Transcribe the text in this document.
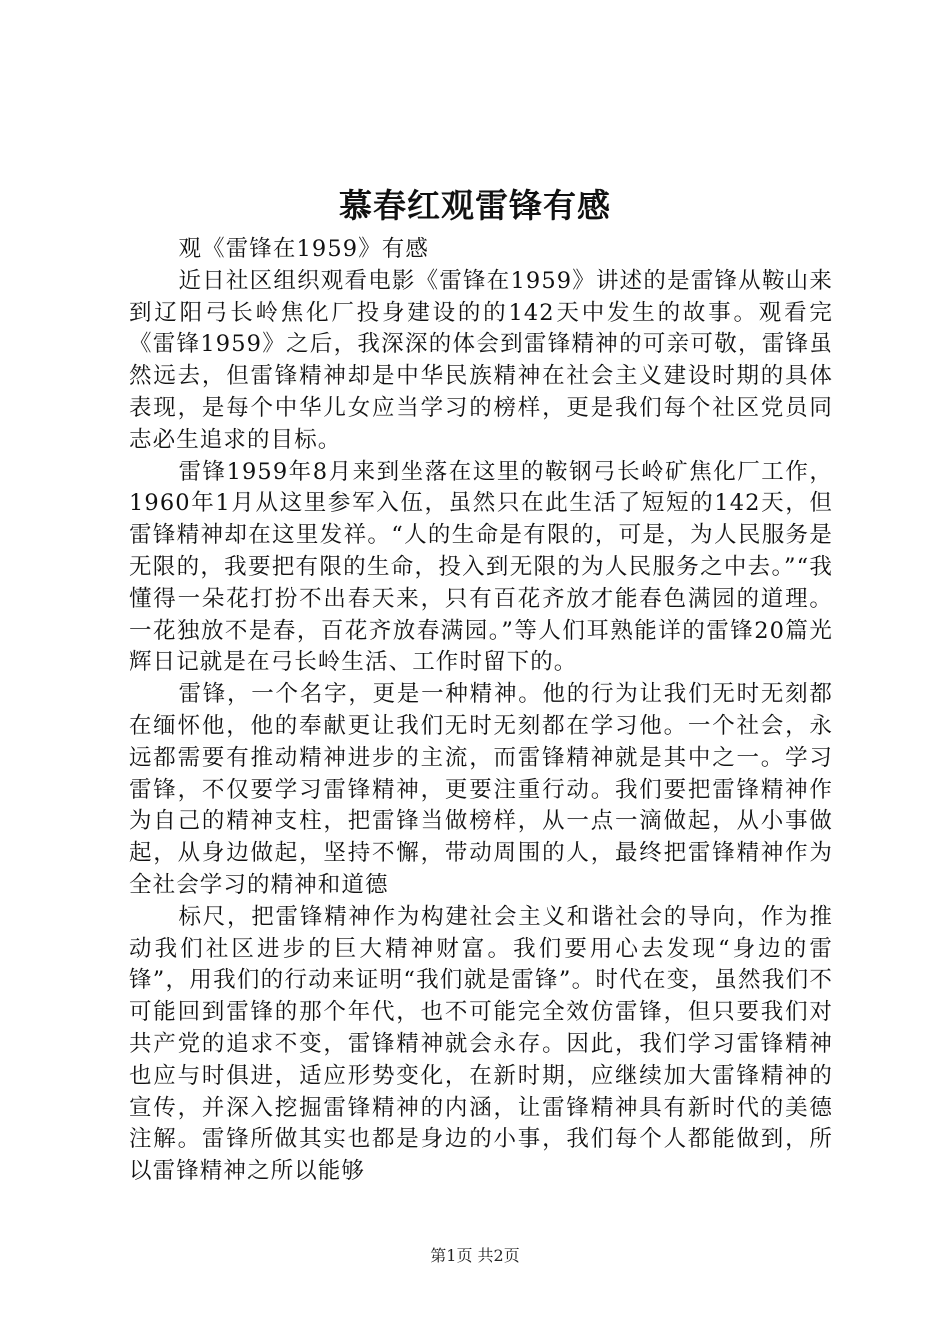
慕春红观雷锋有感

观《雷锋在1959》有感

近日社区组织观看电影《雷锋在1959》讲述的是雷锋从鞍山来到辽阳弓长岭焦化厂投身建设的的142天中发生的故事。观看完《雷锋1959》之后，我深深的体会到雷锋精神的可亲可敬，雷锋虽然远去，但雷锋精神却是中华民族精神在社会主义建设时期的具体表现，是每个中华儿女应当学习的榜样，更是我们每个社区党员同志必生追求的目标。

雷锋1959年8月来到坐落在这里的鞍钢弓长岭矿焦化厂工作，1960年1月从这里参军入伍，虽然只在此生活了短短的142天，但雷锋精神却在这里发祥。“人的生命是有限的，可是，为人民服务是无限的，我要把有限的生命，投入到无限的为人民服务之中去。”“我懂得一朵花打扮不出春天来，只有百花齐放才能春色满园的道理。一花独放不是春，百花齐放春满园。”等人们耳熟能详的雷锋20篇光辉日记就是在弓长岭生活、工作时留下的。

雷锋，一个名字，更是一种精神。他的行为让我们无时无刻都在缅怀他，他的奉献更让我们无时无刻都在学习他。一个社会，永远都需要有推动精神进步的主流，而雷锋精神就是其中之一。学习雷锋，不仅要学习雷锋精神，更要注重行动。我们要把雷锋精神作为自己的精神支柱，把雷锋当做榜样，从一点一滴做起，从小事做起，从身边做起，坚持不懈，带动周围的人，最终把雷锋精神作为全社会学习的精神和道德

标尺，把雷锋精神作为构建社会主义和谐社会的导向，作为推动我们社区进步的巨大精神财富。我们要用心去发现“身边的雷锋”，用我们的行动来证明“我们就是雷锋”。时代在变，虽然我们不可能回到雷锋的那个年代，也不可能完全效仿雷锋，但只要我们对共产党的追求不变，雷锋精神就会永存。因此，我们学习雷锋精神也应与时俱进，适应形势变化，在新时期，应继续加大雷锋精神的宣传，并深入挖掘雷锋精神的内涵，让雷锋精神具有新时代的美德注解。雷锋所做其实也都是身边的小事，我们每个人都能做到，所以雷锋精神之所以能够

第1页 共2页
